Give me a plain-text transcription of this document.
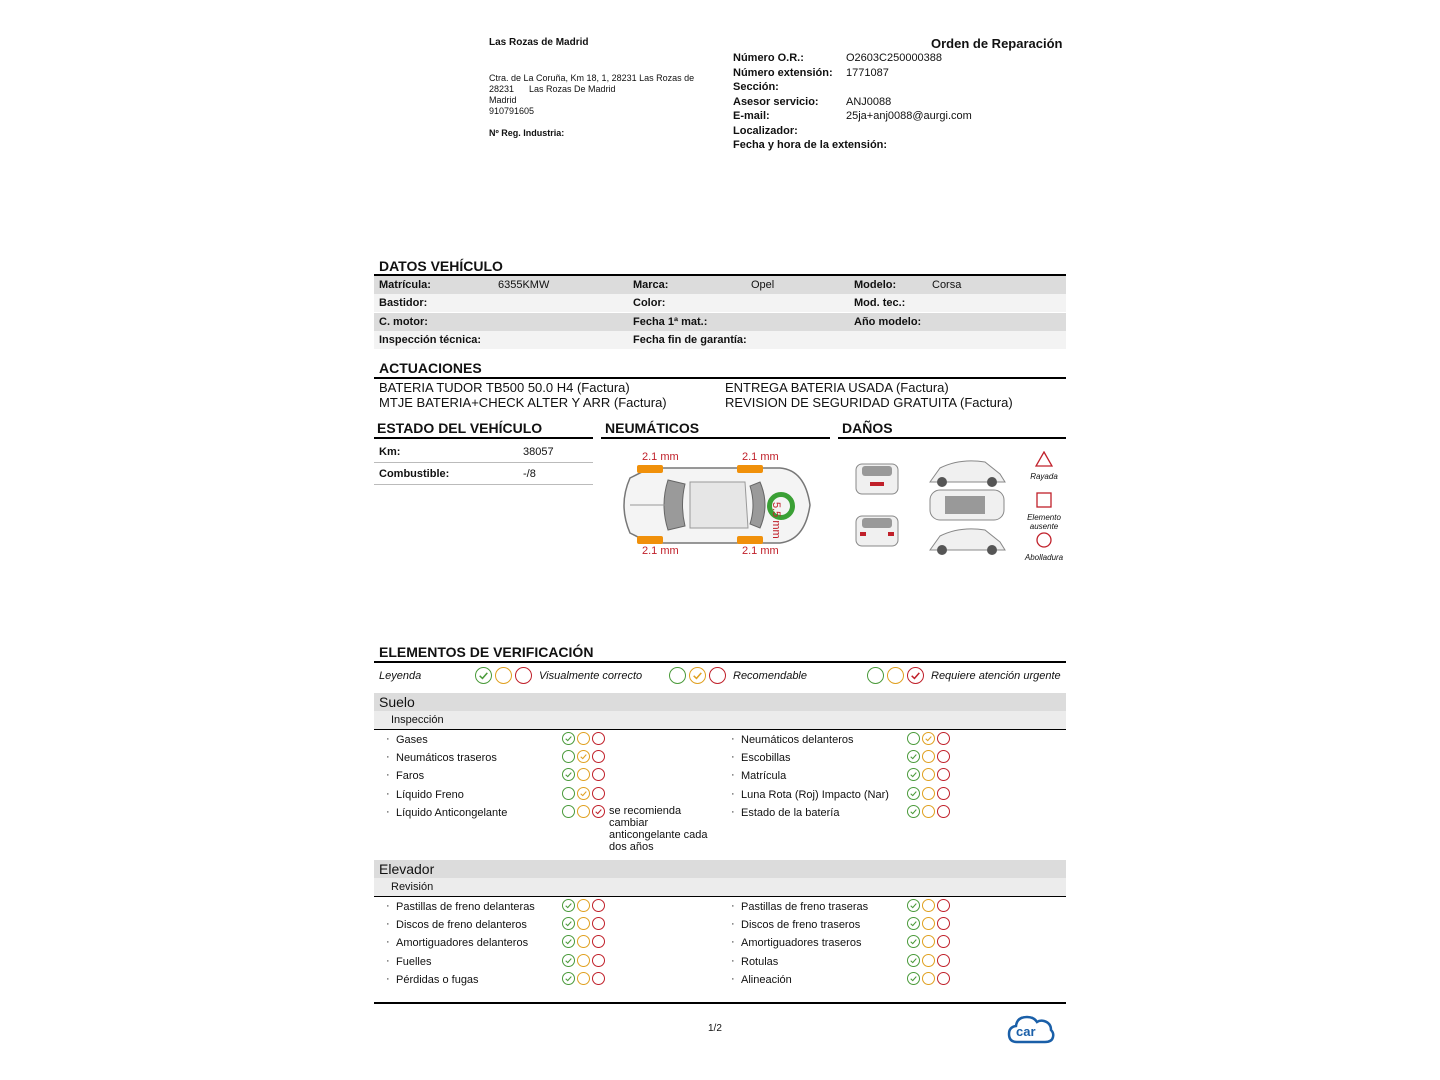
Las Rozas de Madrid	Orden de Reparación
Ctra. de La Coruña, Km 18, 1, 28231 Las Rozas de
28231      Las Rozas De Madrid
Madrid
910791605
Nº Reg. Industria:
Número O.R.:	O2603C250000388
Número extensión: 1771087
Sección:
Asesor servicio: ANJ0088
E-mail:	25ja+anj0088@aurgi.com
Localizador:
Fecha y hora de la extensión:
DATOS VEHÍCULO
Matrícula:	6355KMW	Marca:	Opel	Modelo:	Corsa
Bastidor:	Color:	Mod. tec.:
C. motor:	Fecha 1ª mat.:	Año modelo:
Inspección técnica:	Fecha fin de garantía:
ACTUACIONES
BATERIA TUDOR TB500 50.0 H4 (Factura)
MTJE BATERIA+CHECK ALTER Y ARR (Factura)
ENTREGA BATERIA USADA (Factura)
REVISION DE SEGURIDAD GRATUITA (Factura)
ESTADO DEL VEHÍCULO
Km:	38057
Combustible:	-/8
NEUMÁTICOS
2.1 mm	2.1 mm
2.1 mm	2.1 mm
5.5 mm
DAÑOS
Rayada
Elemento ausente
Abolladura
ELEMENTOS DE VERIFICACIÓN
Leyenda	Visualmente correcto	Recomendable	Requiere atención urgente
Suelo
Inspección
· Gases
· Neumáticos traseros
· Faros
· Líquido Freno
· Líquido Anticongelante	se recomienda cambiar anticongelante cada dos años
· Neumáticos delanteros
· Escobillas
· Matrícula
· Luna Rota (Roj) Impacto (Nar)
· Estado de la batería
Elevador
Revisión
· Pastillas de freno delanteras
· Discos de freno delanteros
· Amortiguadores delanteros
· Fuelles
· Pérdidas o fugas
· Pastillas de freno traseras
· Discos de freno traseros
· Amortiguadores traseros
· Rotulas
· Alineación
1/2	car
